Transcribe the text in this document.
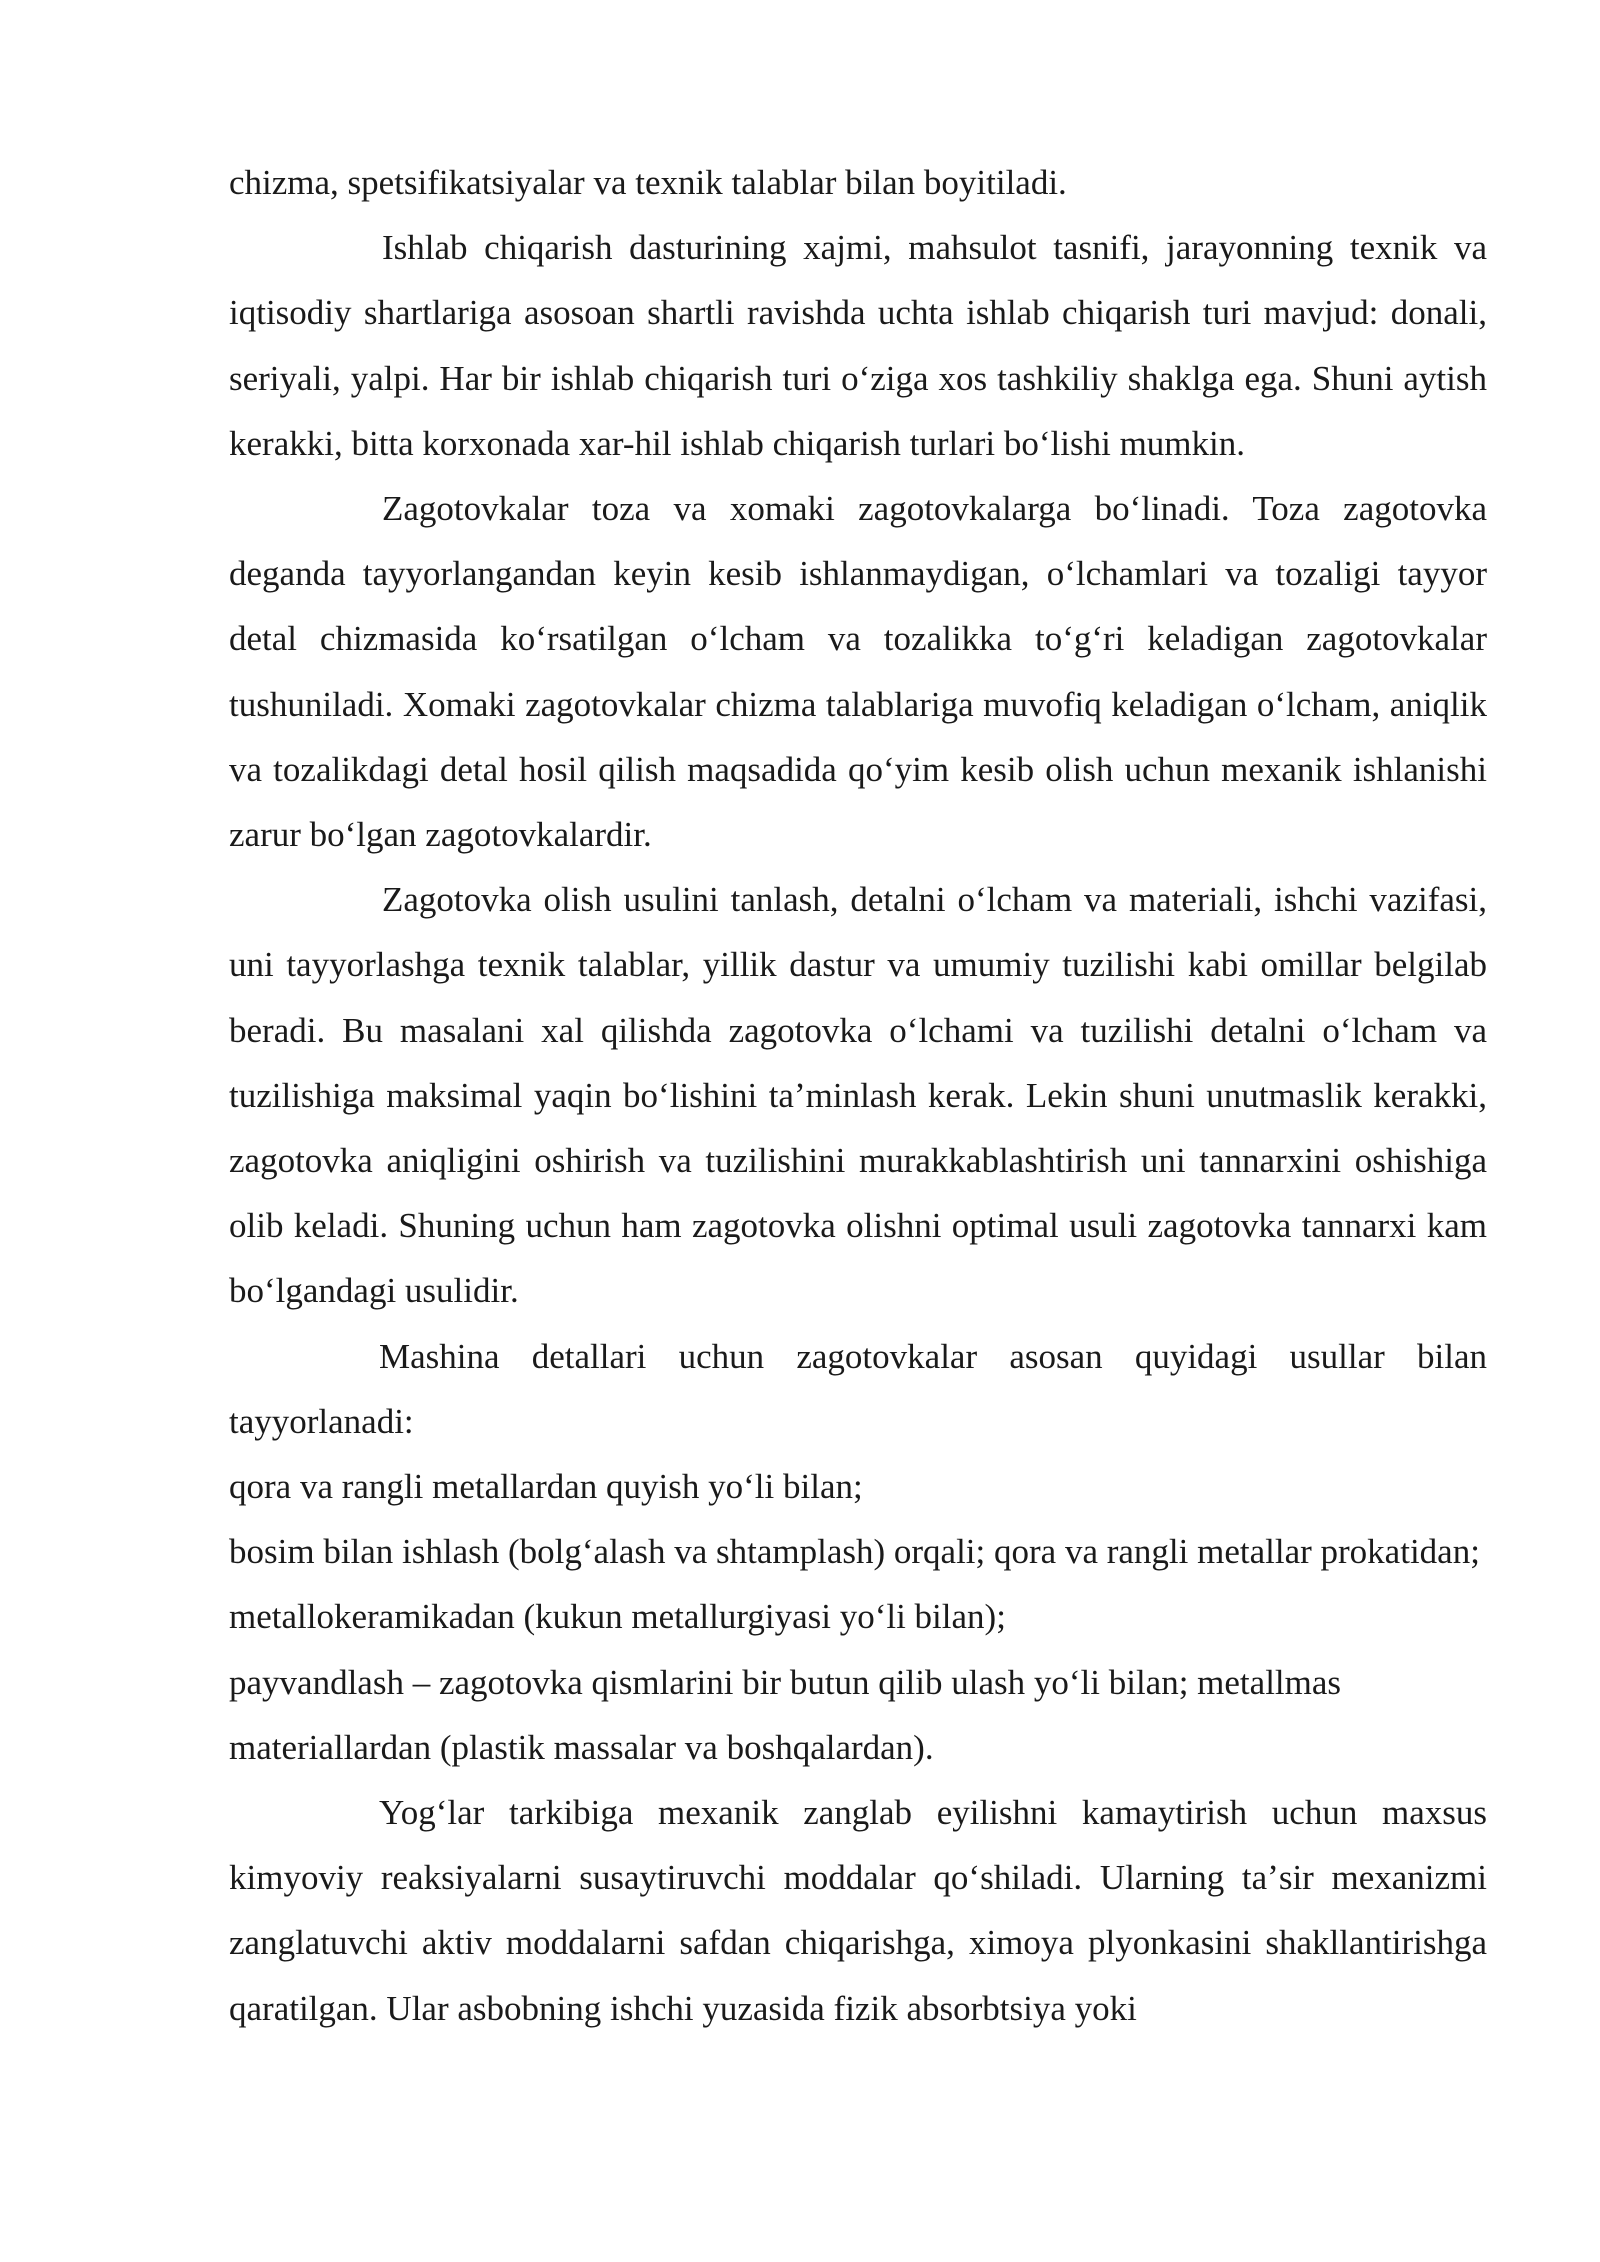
chizma, spetsifikatsiyalar va texnik talablar bilan boyitiladi.

Ishlab chiqarish dasturining xajmi, mahsulot tasnifi, jarayonning texnik va iqtisodiy shartlariga asosoan shartli ravishda uchta ishlab chiqarish turi mavjud: donali, seriyali, yalpi. Har bir ishlab chiqarish turi oʻziga xos tashkiliy shaklga ega. Shuni aytish kerakki, bitta korxonada xar-hil ishlab chiqarish turlari boʻlishi mumkin.

Zagotovkalar toza va xomaki zagotovkalarga boʻlinadi. Toza zagotovka deganda tayyorlangandan keyin kesib ishlanmaydigan, oʻlchamlari va tozaligi tayyor detal chizmasida koʻrsatilgan oʻlcham va tozalikka toʻgʻri keladigan zagotovkalar tushuniladi. Xomaki zagotovkalar chizma talablariga muvofiq keladigan oʻlcham, aniqlik va tozalikdagi detal hosil qilish maqsadida qoʻyim kesib olish uchun mexanik ishlanishi zarur boʻlgan zagotovkalardir.

Zagotovka olish usulini tanlash, detalni oʻlcham va materiali, ishchi vazifasi, uni tayyorlashga texnik talablar, yillik dastur va umumiy tuzilishi kabi omillar belgilab beradi. Bu masalani xal qilishda zagotovka oʻlchami va tuzilishi detalni oʻlcham va tuzilishiga maksimal yaqin boʻlishini taʼminlash kerak. Lekin shuni unutmaslik kerakki, zagotovka aniqligini oshirish va tuzilishini murakkablashtirish uni tannarxini oshishiga olib keladi. Shuning uchun ham zagotovka olishni optimal usuli zagotovka tannarxi kam boʻlgandagi usulidir.

Mashina detallari uchun zagotovkalar asosan quyidagi usullar bilan tayyorlanadi:

qora va rangli metallardan quyish yoʻli bilan;

bosim bilan ishlash (bolgʻalash va shtamplash) orqali; qora va rangli metallar prokatidan; metallokeramikadan (kukun metallurgiyasi yoʻli bilan);

payvandlash – zagotovka qismlarini bir butun qilib ulash yoʻli bilan; metallmas materiallardan (plastik massalar va boshqalardan).

Yogʻlar tarkibiga mexanik zanglab eyilishni kamaytirish uchun maxsus kimyoviy reaksiyalarni susaytiruvchi moddalar qoʻshiladi. Ularning taʼsir mexanizmi zanglatuvchi aktiv moddalarni safdan chiqarishga, ximoya plyonkasini shakllantirishga qaratilgan. Ular asbobning ishchi yuzasida fizik absorbtsiya yoki
